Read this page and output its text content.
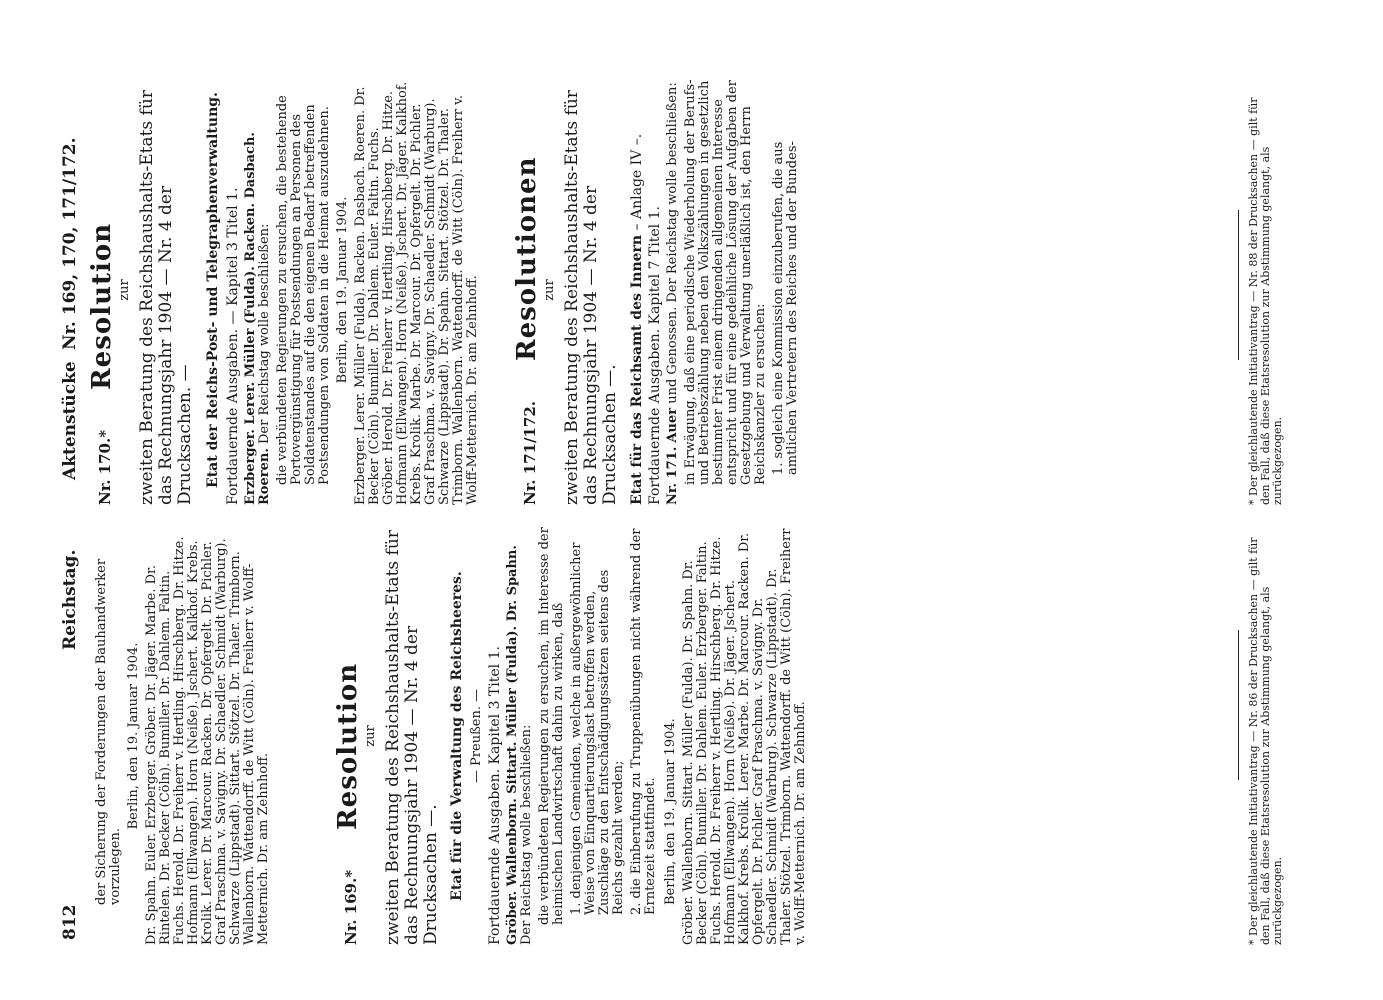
812
Reichstag.
Aktenstücke
Nr. 169, 170, 171/172.

der Sicherung der Forderungen der Bauhandwerker vorzulegen.

Berlin, den 19. Januar 1904. Dr. Spahn. Euler. Erzberger. Gröber. Dr. Jäger. Marbe. Dr. Rintelen. Dr. Becker (Cöln). Bumiller. Dr. Dahlem. Faltin. Fuchs. Herold. Dr. Freiherr v. Hertling. Hirschberg. Dr. Hitze. Hofmann (Ellwangen). Horn (Neiße). Jschert. Kalkhof. Krebs. Krolik. Lerer. Dr. Marcour. Racken. Dr. Opfergelt. Dr. Pichler. Graf Praschma. v. Savigny. Dr. Schaedler. Schmidt (Warburg). Schwarze (Lippstadt). Sittart. Stötzel. Dr. Thaler. Trimborn. Wallenborn. Wattendorff. de Witt (Cöln). Freiherr v. Wolff-Metternich. Dr. am Zehnhoff.	Nr. 169.*
Resolution zur zweiten Beratung des Reichshaushalts-Etats für das Rechnungsjahr 1904 — Nr. 4 der Drucksachen —. Etat für die Verwaltung des Reichsheeres. — Preußen. — Fortdauernde Ausgaben. Kapitel 3 Titel 1. Gröber. Wallenborn. Sittart. Müller (Fulda). Dr. Spahn. Der Reichstag wolle beschließen: die verbündeten Regierungen zu ersuchen, im Interesse der heimischen Landwirtschaft dahin zu wirken, daß 1. denjenigen Gemeinden, welche in außergewöhnlicher Weise von Einquartierungslast betroffen werden, Zuschläge zu den Entschädigungssätzen seitens des Reichs gezahlt werden; 2. die Einberufung zu Truppenübungen nicht während der Erntezeit stattfindet. Berlin, den 19. Januar 1904. Gröber. Wallenborn. Sittart. Müller (Fulda). Dr. Spahn. Dr. Becker (Cöln). Bumiller. Dr. Dahlem. Euler. Erzberger. Faltin. Fuchs. Herold. Dr. Freiherr v. Hertling. Hirschberg. Dr. Hitze. Hofmann (Ellwangen). Horn (Neiße). Dr. Jäger. Jschert. Kalkhof. Krebs. Krolik. Lerer. Marbe. Dr. Marcour. Racken. Dr. Opfergelt. Dr. Pichler. Graf Praschma. v. Savigny. Dr. Schaedler. Schmidt (Warburg). Schwarze (Lippstadt). Dr. Thaler. Stötzel. Trimborn. Wattendorff. de Witt (Cöln). Freiherr v. Wolff-Metternich. Dr. am Zehnhoff.	* Der gleichlautende Initiativantrag — Nr. 86 der Drucksachen — gilt für den Fall, daß diese Etatsresolution zur Abstimmung gelangt, als zurückgezogen.
Nr. 170.*
Resolution zur zweiten Beratung des Reichshaushalts-Etats für das Rechnungsjahr 1904 — Nr. 4 der Drucksachen. — Etat der Reichs-Post- und Telegraphenverwaltung. Fortdauernde Ausgaben. — Kapitel 3 Titel 1. Erzberger. Lerer. Müller (Fulda). Racken. Dasbach. Roeren. Der Reichstag wolle beschließen: die verbündeten Regierungen zu ersuchen, die bestehende Portovergünstigung für Postsendungen an Personen des Soldatenstandes auf die den eigenen Bedarf betreffenden Postsendungen von Soldaten in die Heimat auszudehnen. Berlin, den 19. Januar 1904. Erzberger. Lerer. Müller (Fulda). Racken. Dasbach. Roeren. Dr. Becker (Cöln). Bumiller. Dr. Dahlem. Euler. Faltin. Fuchs. Gröber. Herold. Dr. Freiherr v. Hertling. Hirschberg. Dr. Hitze. Hofmann (Ellwangen). Horn (Neiße). Jschert. Dr. Jäger. Kalkhof. Krebs. Krolik. Marbe. Dr. Marcour. Dr. Opfergelt. Dr. Pichler. Graf Praschma. v. Savigny. Dr. Schaedler. Schmidt (Warburg). Schwarze (Lippstadt). Dr. Spahn. Sittart. Stötzel. Dr. Thaler. Trimborn. Wallenborn. Wattendorff. de Witt (Cöln). Freiherr v. Wolff-Metternich. Dr. am Zehnhoff.	Nr. 171/172.
Resolutionen zur zweiten Beratung des Reichshaushalts-Etats für das Rechnungsjahr 1904 — Nr. 4 der Drucksachen —. Etat für das Reichsamt des Innern – Anlage IV –.

Fortdauernde Ausgaben. Kapitel 7 Titel 1. Nr. 171. Auer und Genossen. Der Reichstag wolle beschließen: in Erwägung, daß eine periodische Wiederholung der Berufs- und Betriebszählung neben den Volkszählungen in gesetzlich bestimmter Frist einem dringenden allgemeinen Interesse entspricht und für eine gedeihliche Lösung der Aufgaben der Gesetzgebung und Verwaltung unerläßlich ist, den Herrn Reichskanzler zu ersuchen: 1. sogleich eine Kommission einzuberufen, die aus amtlichen Vertretern des Reiches und der Bundes-	* Der gleichlautende Initiativantrag — Nr. 88 der Drucksachen — gilt für den Fall, daß diese Etatsresolution zur Abstimmung gelangt, als zurückgezogen.
